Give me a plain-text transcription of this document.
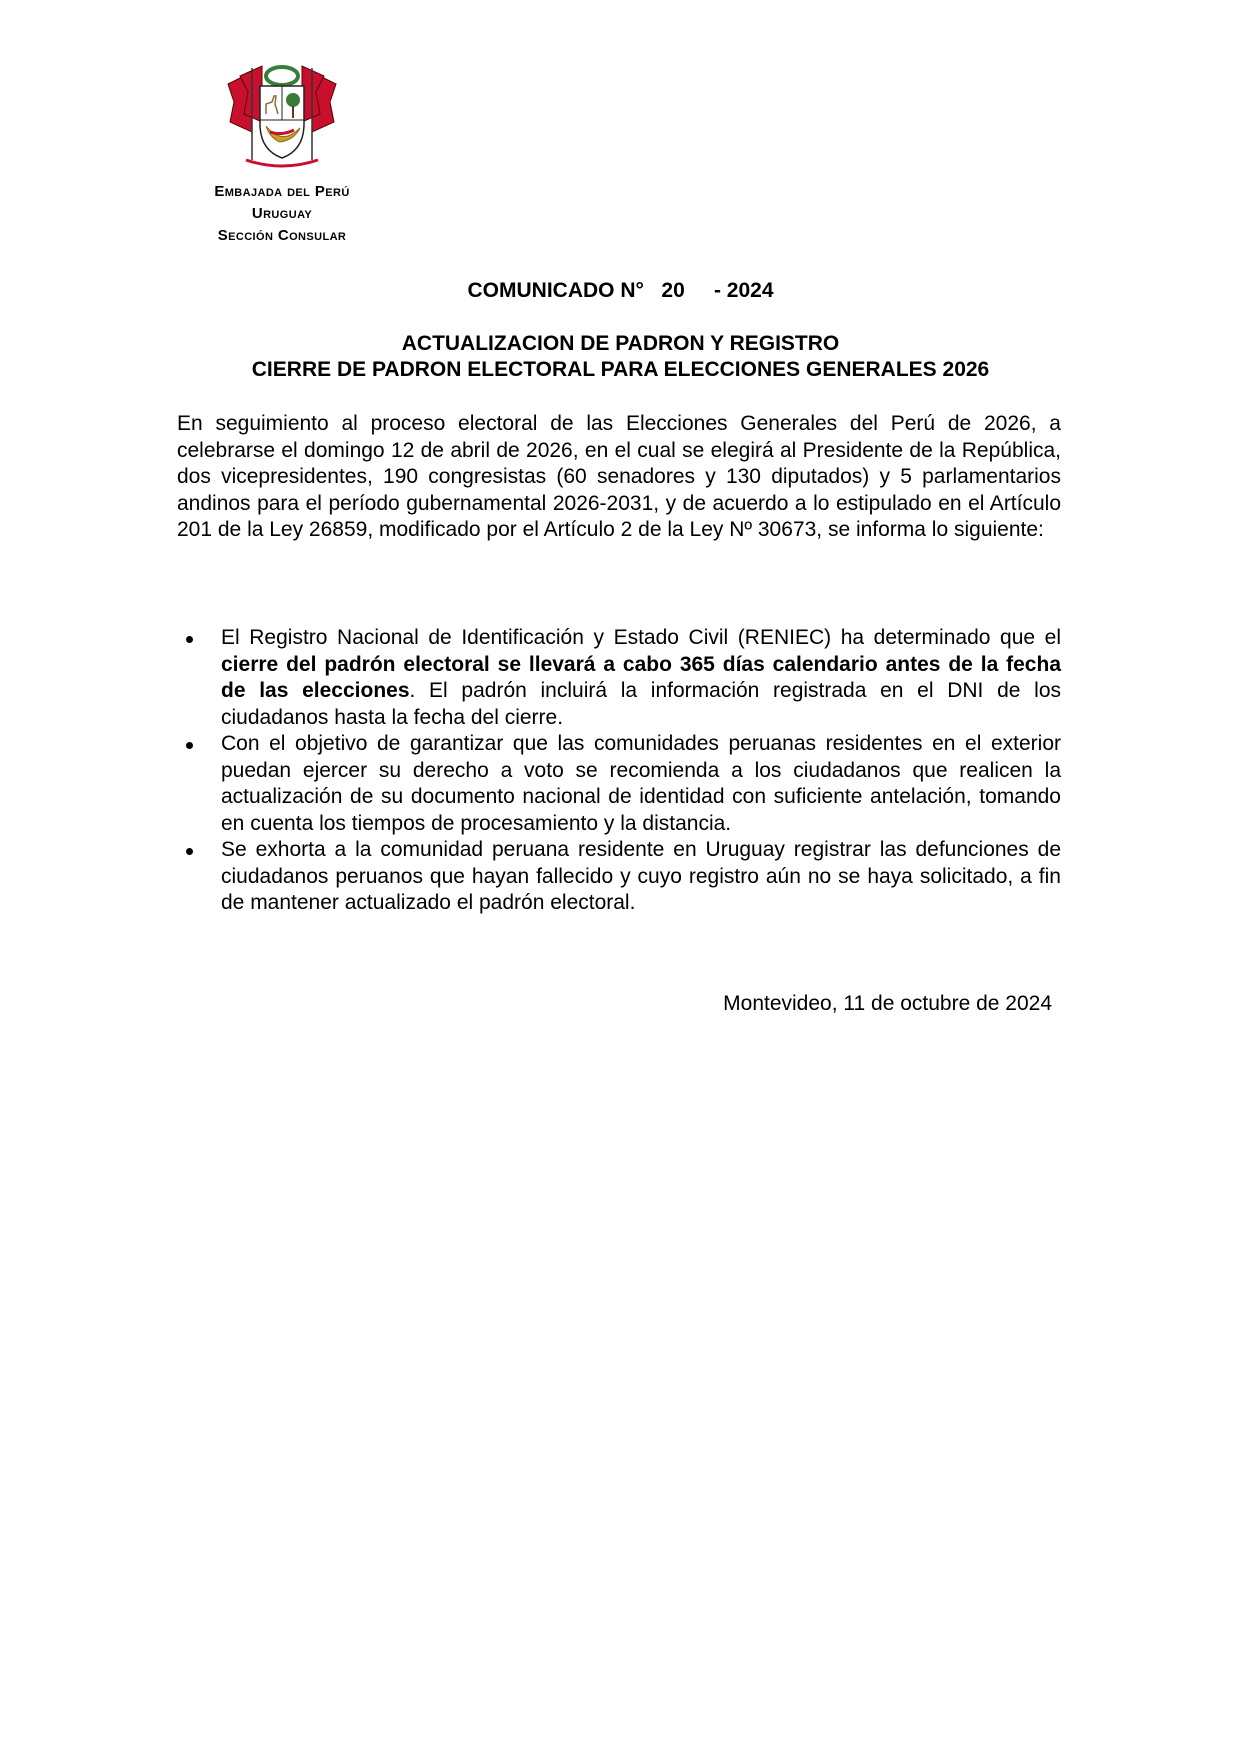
Embajada del Perú
Uruguay
Sección Consular
COMUNICADO N° 20 - 2024
ACTUALIZACION DE PADRON Y REGISTRO
CIERRE DE PADRON ELECTORAL PARA ELECCIONES GENERALES 2026

En seguimiento al proceso electoral de las Elecciones Generales del Perú de 2026, a celebrarse el domingo 12 de abril de 2026, en el cual se elegirá al Presidente de la República, dos vicepresidentes, 190 congresistas (60 senadores y 130 diputados) y 5 parlamentarios andinos para el período gubernamental 2026-2031, y de acuerdo a lo estipulado en el Artículo 201 de la Ley 26859, modificado por el Artículo 2 de la Ley Nº 30673, se informa lo siguiente:

El Registro Nacional de Identificación y Estado Civil (RENIEC) ha determinado que el cierre del padrón electoral se llevará a cabo 365 días calendario antes de la fecha de las elecciones. El padrón incluirá la información registrada en el DNI de los ciudadanos hasta la fecha del cierre.
Con el objetivo de garantizar que las comunidades peruanas residentes en el exterior puedan ejercer su derecho a voto se recomienda a los ciudadanos que realicen la actualización de su documento nacional de identidad con suficiente antelación, tomando en cuenta los tiempos de procesamiento y la distancia.
Se exhorta a la comunidad peruana residente en Uruguay registrar las defunciones de ciudadanos peruanos que hayan fallecido y cuyo registro aún no se haya solicitado, a fin de mantener actualizado el padrón electoral.
Montevideo, 11 de octubre de 2024
